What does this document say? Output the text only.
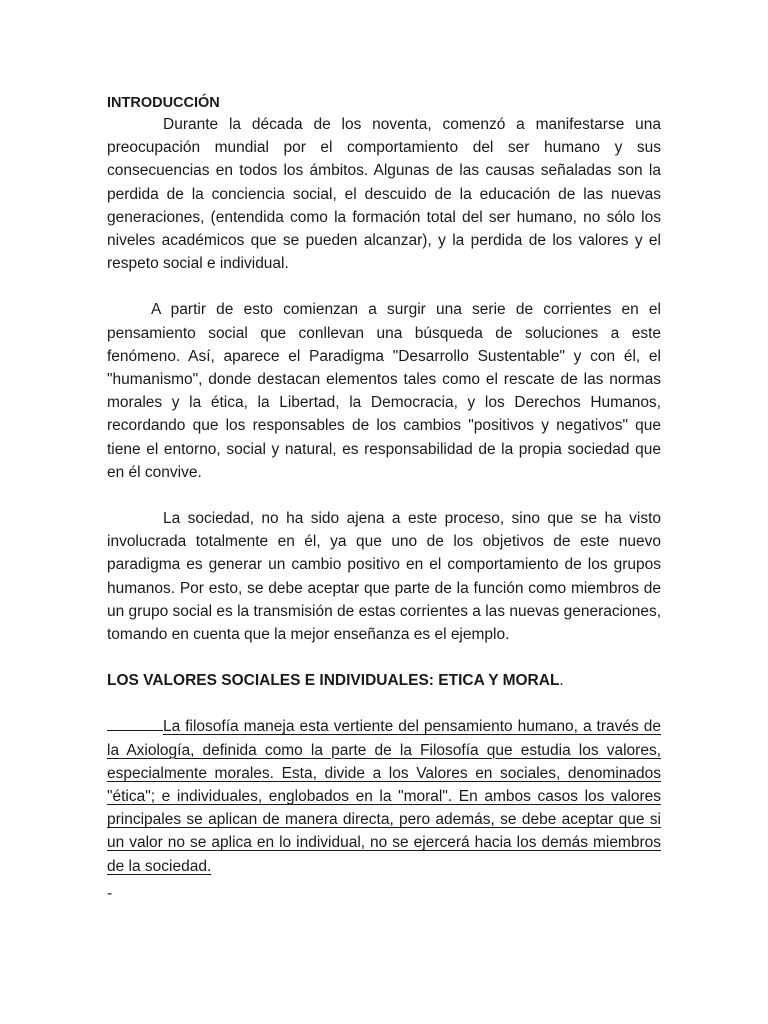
INTRODUCCIÓN

Durante la década de los noventa, comenzó a manifestarse una preocupación mundial por el comportamiento del ser humano y sus consecuencias en todos los ámbitos. Algunas de las causas señaladas son la perdida de la conciencia social, el descuido de la educación de las nuevas generaciones, (entendida como la formación total del ser humano, no sólo los niveles académicos que se pueden alcanzar), y la perdida de los valores y el respeto social e individual.

A partir de esto comienzan a surgir una serie de corrientes en el pensamiento social que conllevan una búsqueda de soluciones a este fenómeno. Así, aparece el Paradigma "Desarrollo Sustentable" y con él, el "humanismo", donde destacan elementos tales como el rescate de las normas morales y la ética, la Libertad, la Democracia, y los Derechos Humanos, recordando que los responsables de los cambios "positivos y negativos" que tiene el entorno, social y natural, es responsabilidad de la propia sociedad que en él convive.

La sociedad, no ha sido ajena a este proceso, sino que se ha visto involucrada totalmente en él, ya que uno de los objetivos de este nuevo paradigma es generar un cambio positivo en el comportamiento de los grupos humanos. Por esto, se debe aceptar que parte de la función como miembros de un grupo social es la transmisión de estas corrientes a las nuevas generaciones, tomando en cuenta que la mejor enseñanza es el ejemplo.

LOS VALORES SOCIALES E INDIVIDUALES: ETICA Y MORAL.

La filosofía maneja esta vertiente del pensamiento humano, a través de la Axiología, definida como la parte de la Filosofía que estudia los valores, especialmente morales. Esta, divide a los Valores en sociales, denominados "ética"; e individuales, englobados en la "moral". En ambos casos los valores principales se aplican de manera directa, pero además, se debe aceptar que si un valor no se aplica en lo individual, no se ejercerá hacia los demás miembros de la sociedad.

-
